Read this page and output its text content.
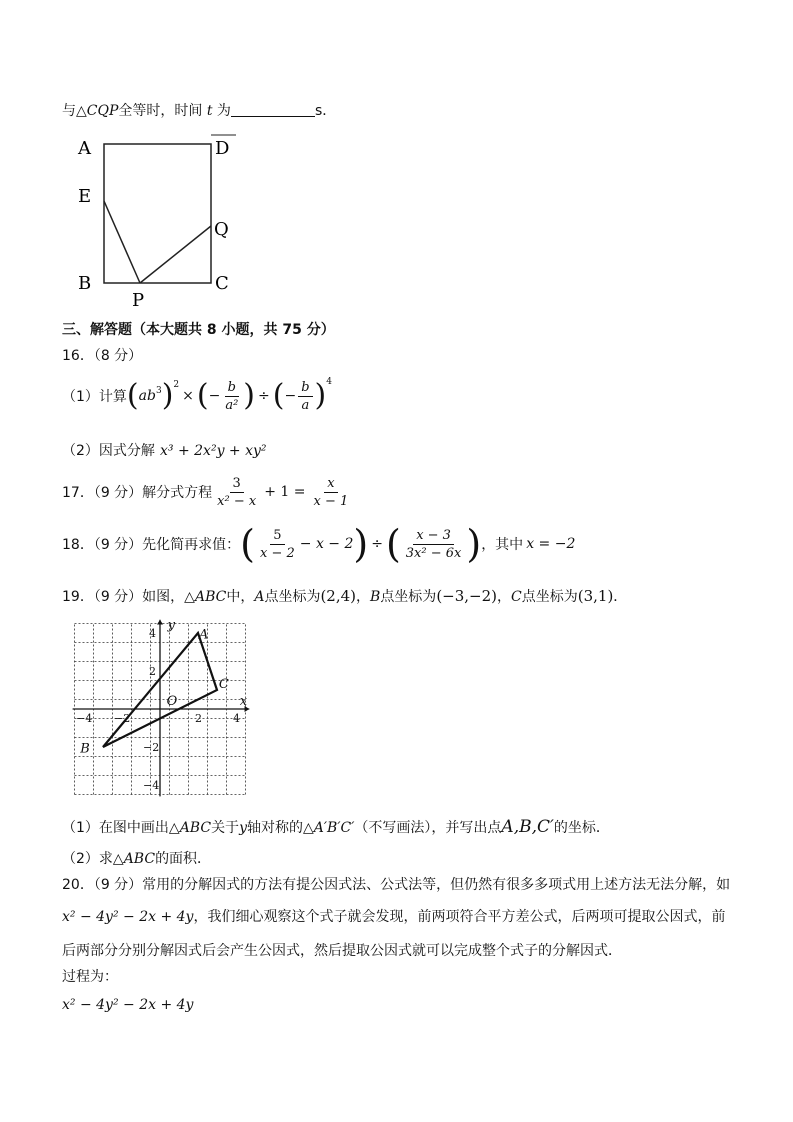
与△CQP全等时，时间 t 为	s．
A	D
E
Q
B
P
C
三、解答题（本大题共 8 小题，共 75 分）
16．（8 分）
（1）计算 ( $ab^3$ )$^2$
× ( − $\frac{b}{\text{a²}}$ ) ÷ ( − $\frac{b}{a} )^4$
（2）因式分解 x³ + 2x²y + xy²
17．（9 分）解分式方程 $\frac{3}{\text{x² − x}} + 1 = \frac{x}{x - 1}$
18．（9 分）先化简再求值： ( $\frac{5}{x - 2} - x - 2$ ) ÷ ( $\frac{x - 3}{\text{3x² − 6x}}$ ) ，其中 x = −2
19．（9 分）如图，△ABC中，A点坐标为(2,4)，B点坐标为(−3,−2)，C点坐标为(3,1)．
y
x
O
A
B
C
4
2
−2
−4
−4 −2	2	4
（1）在图中画出△ABC关于y轴对称的△A′B′C′（不写画法），并写出点A,B,C′的坐标．
（2）求△ABC的面积．
20．（9 分）常用的分解因式的方法有提公因式法、公式法等，但仍然有很多多项式用上述方法无法分解，如
x² − 4y² − 2x + 4y，我们细心观察这个式子就会发现，前两项符合平方差公式，后两项可提取公因式，前
后两部分分别分解因式后会产生公因式，然后提取公因式就可以完成整个式子的分解因式．
过程为：
x² − 4y² − 2x + 4y
